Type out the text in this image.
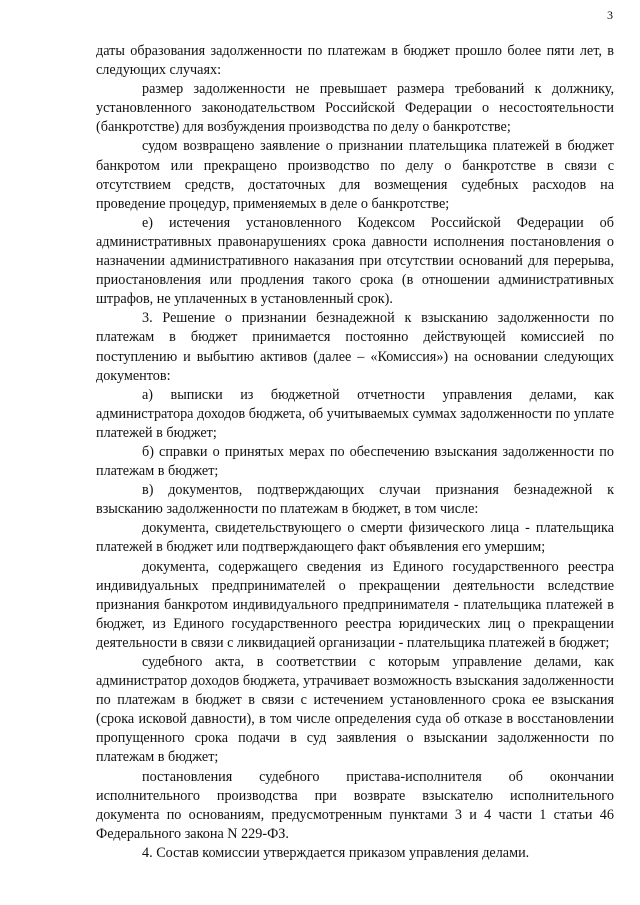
3

даты образования задолженности по платежам в бюджет прошло более пяти лет, в следующих случаях:

размер задолженности не превышает размера требований к должнику, установленного законодательством Российской Федерации о несостоятельности (банкротстве) для возбуждения производства по делу о банкротстве;

судом возвращено заявление о признании плательщика платежей в бюджет банкротом или прекращено производство по делу о банкротстве в связи с отсутствием средств, достаточных для возмещения судебных расходов на проведение процедур, применяемых в деле о банкротстве;

е) истечения установленного Кодексом Российской Федерации об административных правонарушениях срока давности исполнения постановления о назначении административного наказания при отсутствии оснований для перерыва, приостановления или продления такого срока (в отношении административных штрафов, не уплаченных в установленный срок).

3. Решение о признании безнадежной к взысканию задолженности по платежам в бюджет принимается постоянно действующей комиссией по поступлению и выбытию активов (далее – «Комиссия») на основании следующих документов:

а) выписки из бюджетной отчетности управления делами, как администратора доходов бюджета, об учитываемых суммах задолженности по уплате платежей в бюджет;

б) справки о принятых мерах по обеспечению взыскания задолженности по платежам в бюджет;

в) документов, подтверждающих случаи признания безнадежной к взысканию задолженности по платежам в бюджет, в том числе:

документа, свидетельствующего о смерти физического лица - плательщика платежей в бюджет или подтверждающего факт объявления его умершим;

документа, содержащего сведения из Единого государственного реестра индивидуальных предпринимателей о прекращении деятельности вследствие признания банкротом индивидуального предпринимателя - плательщика платежей в бюджет, из Единого государственного реестра юридических лиц о прекращении деятельности в связи с ликвидацией организации - плательщика платежей в бюджет;

судебного акта, в соответствии с которым управление делами, как администратор доходов бюджета, утрачивает возможность взыскания задолженности по платежам в бюджет в связи с истечением установленного срока ее взыскания (срока исковой давности), в том числе определения суда об отказе в восстановлении пропущенного срока подачи в суд заявления о взыскании задолженности по платежам в бюджет;

постановления судебного пристава-исполнителя об окончании исполнительного производства при возврате взыскателю исполнительного документа по основаниям, предусмотренным пунктами 3 и 4 части 1 статьи 46 Федерального закона N 229-ФЗ.

4. Состав комиссии утверждается приказом управления делами.
